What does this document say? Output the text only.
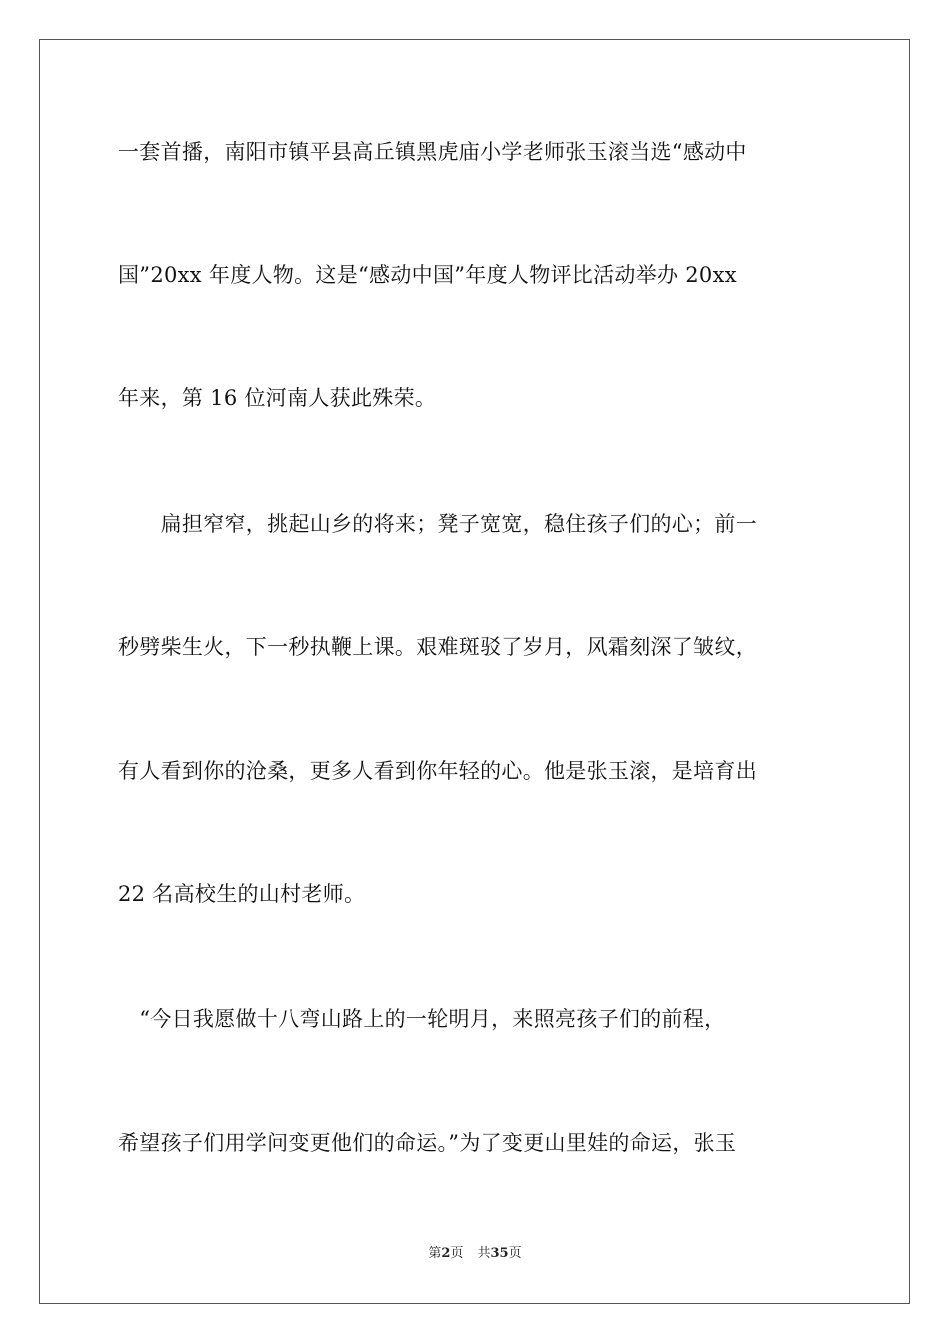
一套首播，南阳市镇平县高丘镇黑虎庙小学老师张玉滚当选“感动中
国”20xx 年度人物。这是“感动中国”年度人物评比活动举办 20xx
年来，第 16 位河南人获此殊荣。
　　扁担窄窄，挑起山乡的将来；凳子宽宽，稳住孩子们的心；前一
秒劈柴生火，下一秒执鞭上课。艰难斑驳了岁月，风霜刻深了皱纹，
有人看到你的沧桑，更多人看到你年轻的心。他是张玉滚，是培育出
22 名高校生的山村老师。
　“今日我愿做十八弯山路上的一轮明月，来照亮孩子们的前程，
希望孩子们用学问变更他们的命运。”为了变更山里娃的命运，张玉
第2页 共35页
